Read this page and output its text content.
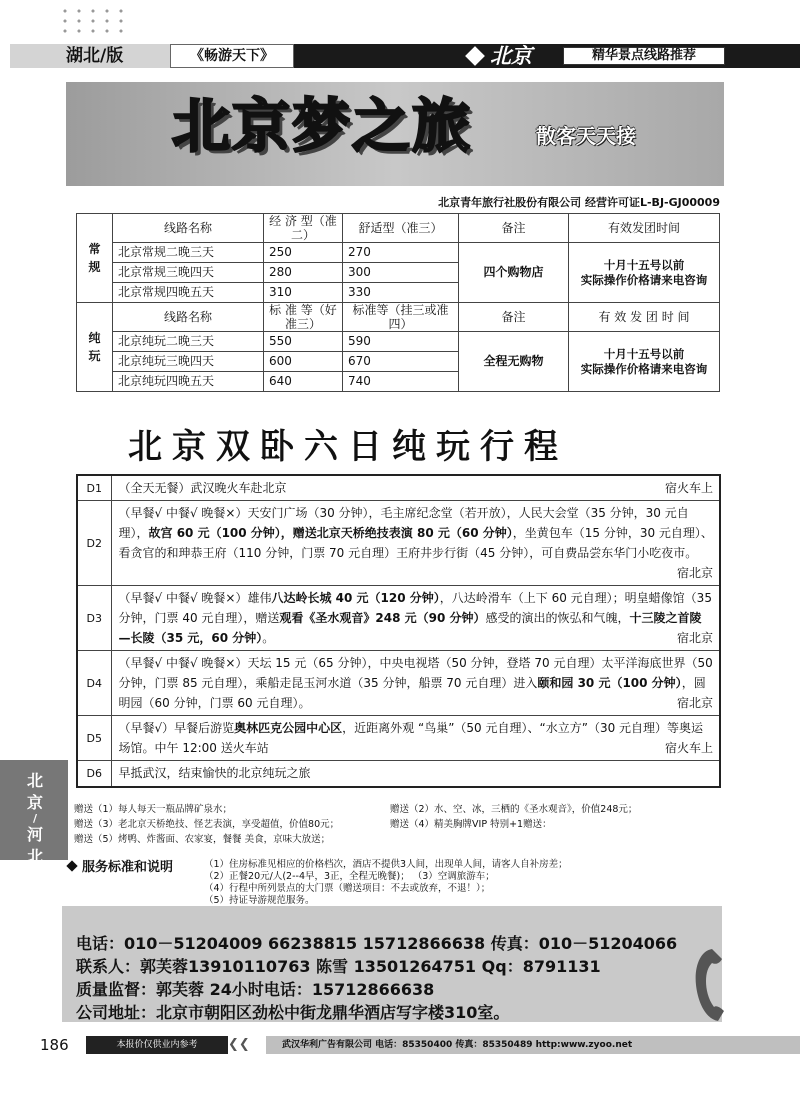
湖北/版	《畅游天下》	北京	精华景点线路推荐
北京梦之旅	散客天天接
北京青年旅行社股份有限公司 经营许可证L-BJ-GJ00009
常规	线路名称	经 济 型（准二）	舒适型（准三）	备注	有效发团时间
	北京常规二晚三天	250	270	四个购物店	十月十五号以前
实际操作价格请来电咨询
	北京常规三晚四天	280	300		
	北京常规四晚五天	310	330		
纯玩	线路名称	标 准 等（好准三）	标准等（挂三或准四）	备注	有 效 发 团 时 间
	北京纯玩二晚三天	550	590	全程无购物	十月十五号以前
实际操作价格请来电咨询
	北京纯玩三晚四天	600	670		
	北京纯玩四晚五天	640	740		
北京双卧六日纯玩行程
D1	（全天无餐）武汉晚火车赴北京 宿火车上

D2	（早餐√ 中餐√ 晚餐×）天安门广场（30 分钟），毛主席纪念堂（若开放），人民大会堂（35 分钟，30 元自理），故宫 60 元（100 分钟），赠送北京天桥绝技表演 80 元（60 分钟），坐黄包车（15 分钟，30 元自理）、看贪官的和珅恭王府（110 分钟，门票 70 元自理）王府井步行街（45 分钟），可自费品尝东华门小吃夜市。
宿北京

D3	（早餐√ 中餐√ 晚餐×）雄伟八达岭长城 40 元（120 分钟），八达岭滑车（上下 60 元自理）；明皇蜡像馆（35 分钟，门票 40 元自理），赠送观看《圣水观音》248 元（90 分钟）感受的演出的恢弘和气魄，十三陵之首陵—长陵（35 元，60 分钟）。 宿北京

D4	（早餐√ 中餐√ 晚餐×）天坛 15 元（65 分钟），中央电视塔（50 分钟，登塔 70 元自理）太平洋海底世界（50 分钟，门票 85 元自理），乘船走昆玉河水道（35 分钟，船票 70 元自理）进入颐和园 30 元（100 分钟），圆明园（60 分钟，门票 60 元自理）。 宿北京

D5	（早餐√）早餐后游览奥林匹克公园中心区，近距离外观 “鸟巢”（50 元自理）、“水立方”（30 元自理）等奥运场馆。中午 12:00 送火车站 宿火车上

D6	早抵武汉，结束愉快的北京纯玩之旅
北
京
/
河
北
赠送（1）每人每天一瓶品牌矿泉水；	赠送（2）水、空、冰，三栖的《圣水观音》，价值248元；
赠送（3）老北京天桥绝技、怪艺表演，享受超值，价值80元；	赠送（4）精美胸牌VIP 特别+1赠送：
赠送（5）烤鸭、炸酱面、农家宴，餐餐 美食，京味大放送；
服务标准和说明	（1）住房标准见相应的价格档次，酒店不提供3人间，出现单人间，请客人自补房差；
（2）正餐20元/人(2--4早，3正，全程无晚餐)； （3）空调旅游车；
（4）行程中所列景点的大门票（赠送项目：不去或放弃，不退！）；
（5）持证导游规范服务。
电话：010－51204009 66238815 15712866638 传真：010－51204066
联系人：郭芙蓉13910110763 陈雪 13501264751 Qq：8791131
质量监督：郭芙蓉 24小时电话：15712866638
公司地址：北京市朝阳区劲松中街龙鼎华酒店写字楼310室。
186	本报价仅供业内参考	❮❮	武汉华利广告有限公司 电话：85350400 传真：85350489 http:www.zyoo.net
